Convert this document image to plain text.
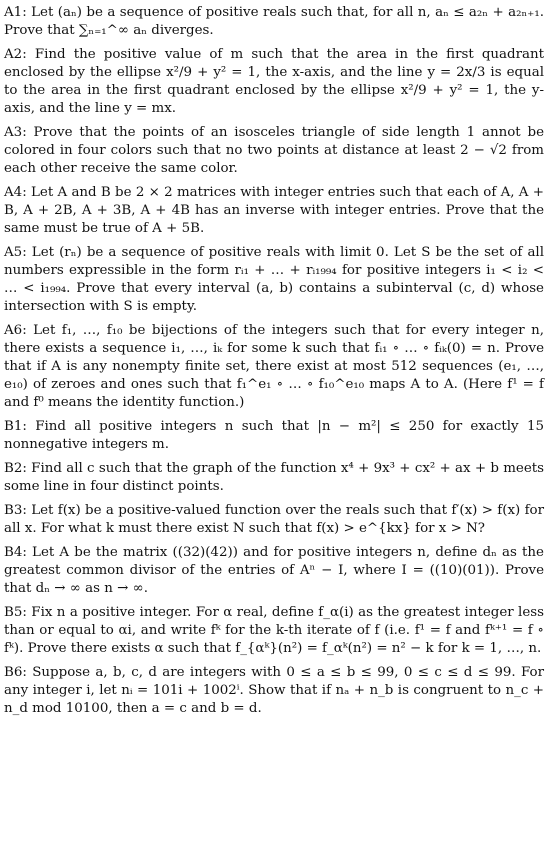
A1: Let (aₙ) be a sequence of positive reals such that, for all n, aₙ ≤ a₂ₙ + a₂ₙ₊₁. Prove that ∑ₙ₌₁^∞ aₙ diverges.

A2: Find the positive value of m such that the area in the first quadrant enclosed by the ellipse x²/9 + y² = 1, the x-axis, and the line y = 2x/3 is equal to the area in the first quadrant enclosed by the ellipse x²/9 + y² = 1, the y-axis, and the line y = mx.

A3: Prove that the points of an isosceles triangle of side length 1 annot be colored in four colors such that no two points at distance at least 2 − √2 from each other receive the same color.

A4: Let A and B be 2 × 2 matrices with integer entries such that each of A, A + B, A + 2B, A + 3B, A + 4B has an inverse with integer entries. Prove that the same must be true of A + 5B.

A5: Let (rₙ) be a sequence of positive reals with limit 0. Let S be the set of all numbers expressible in the form rᵢ₁ + … + rᵢ₁₉₉₄ for positive integers i₁ < i₂ < … < i₁₉₉₄. Prove that every interval (a, b) contains a subinterval (c, d) whose intersection with S is empty.

A6: Let f₁, …, f₁₀ be bijections of the integers such that for every integer n, there exists a sequence i₁, …, iₖ for some k such that fᵢ₁ ∘ … ∘ fᵢₖ(0) = n. Prove that if A is any nonempty finite set, there exist at most 512 sequences (e₁, …, e₁₀) of zeroes and ones such that f₁^e₁ ∘ … ∘ f₁₀^e₁₀ maps A to A. (Here f¹ = f and f⁰ means the identity function.)

B1: Find all positive integers n such that |n − m²| ≤ 250 for exactly 15 nonnegative integers m.

B2: Find all c such that the graph of the function x⁴ + 9x³ + cx² + ax + b meets some line in four distinct points.

B3: Let f(x) be a positive-valued function over the reals such that f′(x) > f(x) for all x. For what k must there exist N such that f(x) > e^{kx} for x > N?

B4: Let A be the matrix ((32)(42)) and for positive integers n, define dₙ as the greatest common divisor of the entries of Aⁿ − I, where I = ((10)(01)). Prove that dₙ → ∞ as n → ∞.

B5: Fix n a positive integer. For α real, define f_α(i) as the greatest integer less than or equal to αi, and write fᵏ for the k-th iterate of f (i.e. f¹ = f and fᵏ⁺¹ = f ∘ fᵏ). Prove there exists α such that f_{αᵏ}(n²) = f_αᵏ(n²) = n² − k for k = 1, …, n.

B6: Suppose a, b, c, d are integers with 0 ≤ a ≤ b ≤ 99, 0 ≤ c ≤ d ≤ 99. For any integer i, let nᵢ = 101i + 1002ⁱ. Show that if nₐ + n_b is congruent to n_c + n_d mod 10100, then a = c and b = d.
